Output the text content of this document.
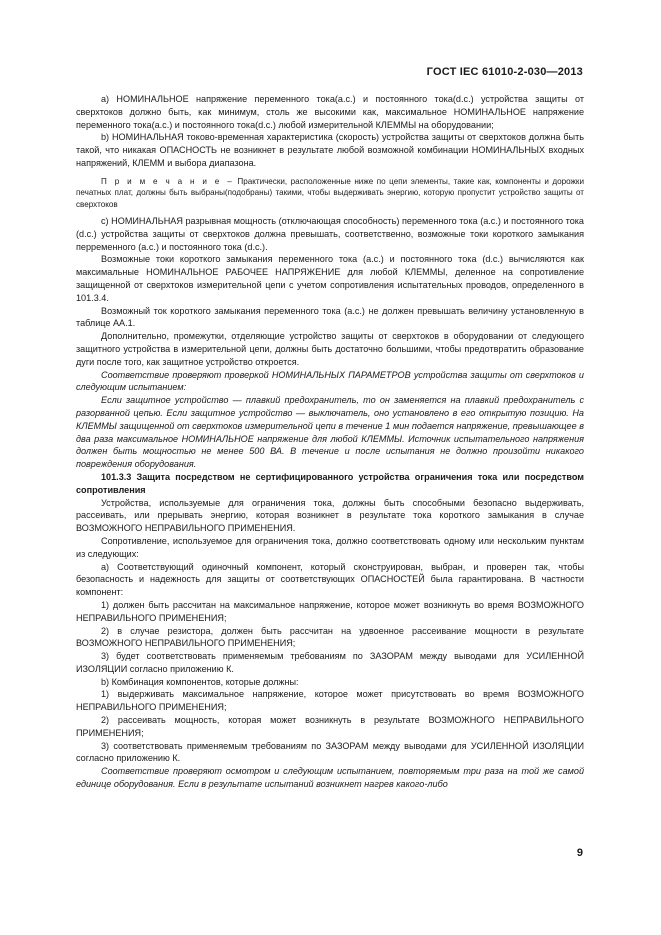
ГОСТ IEC 61010-2-030—2013

a) НОМИНАЛЬНОЕ напряжение переменного тока(a.c.) и постоянного тока(d.c.) устройства защиты от сверхтоков должно быть, как минимум, столь же высокими как, максимальное НОМИНАЛЬНОЕ напряжение переменного тока(a.c.) и постоянного тока(d.c.) любой измерительной КЛЕММЫ на оборудовании;

b) НОМИНАЛЬНАЯ токово-временная характеристика (скорость) устройства защиты от сверхтоков должна быть такой, что никакая ОПАСНОСТЬ не возникнет в результате любой возможной комбинации НОМИНАЛЬНЫХ входных напряжений, КЛЕММ и выбора диапазона.

П р и м е ч а н и е – Практически, расположенные ниже по цепи элементы, такие как, компоненты и дорожки печатных плат, должны быть выбраны(подобраны) такими, чтобы выдерживать энергию, которую пропустит устройство защиты от сверхтоков

c) НОМИНАЛЬНАЯ разрывная мощность (отключающая способность) переменного тока (a.c.) и постоянного тока (d.c.) устройства защиты от сверхтоков должна превышать, соответственно, возможные токи короткого замыкания перременного (a.c.) и постоянного тока (d.c.).

Возможные токи короткого замыкания переменного тока (a.c.) и постоянного тока (d.c.) вычисляются как максимальные НОМИНАЛЬНОЕ РАБОЧЕЕ НАПРЯЖЕНИЕ для любой КЛЕММЫ, деленное на сопротивление защищенной от сверхтоков измерительной цепи с учетом сопротивления испытательных проводов, определенного в 101.3.4.

Возможный ток короткого замыкания переменного тока (a.c.) не должен превышать величину установленную в таблице АА.1.

Дополнительно, промежутки, отделяющие устройство защиты от сверхтоков в оборудовании от следующего защитного устройства в измерительной цепи, должны быть достаточно большими, чтобы предотвратить образование дуги после того, как защитное устройство откроется.

Соответствие проверяют проверкой НОМИНАЛЬНЫХ ПАРАМЕТРОВ устройства защиты от сверхтоков и следующим испытанием:

Если защитное устройство — плавкий предохранитель, то он заменяется на плавкий предохранитель с разорванной цепью. Если защитное устройство — выключатель, оно установлено в его открытую позицию. На КЛЕММЫ защищенной от сверхтоков измерительной цепи в течение 1 мин подается напряжение, превышающее в два раза максимальное НОМИНАЛЬНОЕ напряжение для любой КЛЕММЫ. Источник испытательного напряжения должен быть мощностью не менее 500 ВА. В течение и после испытания не должно произойти никакого повреждения оборудования.

101.3.3 Защита посредством не сертифицированного устройства ограничения тока или посредством сопротивления

Устройства, используемые для ограничения тока, должны быть способными безопасно выдерживать, рассеивать, или прерывать энергию, которая возникнет в результате тока короткого замыкания в случае ВОЗМОЖНОГО НЕПРАВИЛЬНОГО ПРИМЕНЕНИЯ.

Сопротивление, используемое для ограничения тока, должно соответствовать одному или нескольким пунктам из следующих:

a) Соответствующий одиночный компонент, который сконструирован, выбран, и проверен так, чтобы безопасность и надежность для защиты от соответствующих ОПАСНОСТЕЙ была гарантирована. В частности компонент:

1) должен быть рассчитан на максимальное напряжение, которое может возникнуть во время ВОЗМОЖНОГО НЕПРАВИЛЬНОГО ПРИМЕНЕНИЯ;

2) в случае резистора, должен быть рассчитан на удвоенное рассеивание мощности в результате ВОЗМОЖНОГО НЕПРАВИЛЬНОГО ПРИМЕНЕНИЯ;

3) будет соответствовать применяемым требованиям по ЗАЗОРАМ между выводами для УСИЛЕННОЙ ИЗОЛЯЦИИ согласно приложению К.

b) Комбинация компонентов, которые должны:

1) выдерживать максимальное напряжение, которое может присутствовать во время ВОЗМОЖНОГО НЕПРАВИЛЬНОГО ПРИМЕНЕНИЯ;

2) рассеивать мощность, которая может возникнуть в результате ВОЗМОЖНОГО НЕПРАВИЛЬНОГО ПРИМЕНЕНИЯ;

3) соответствовать применяемым требованиям по ЗАЗОРАМ между выводами для УСИЛЕННОЙ ИЗОЛЯЦИИ согласно приложению К.

Соответствие проверяют осмотром и следующим испытанием, повторяемым три раза на той же самой единице оборудования. Если в результате испытаний возникнет нагрев какого-либо

9
